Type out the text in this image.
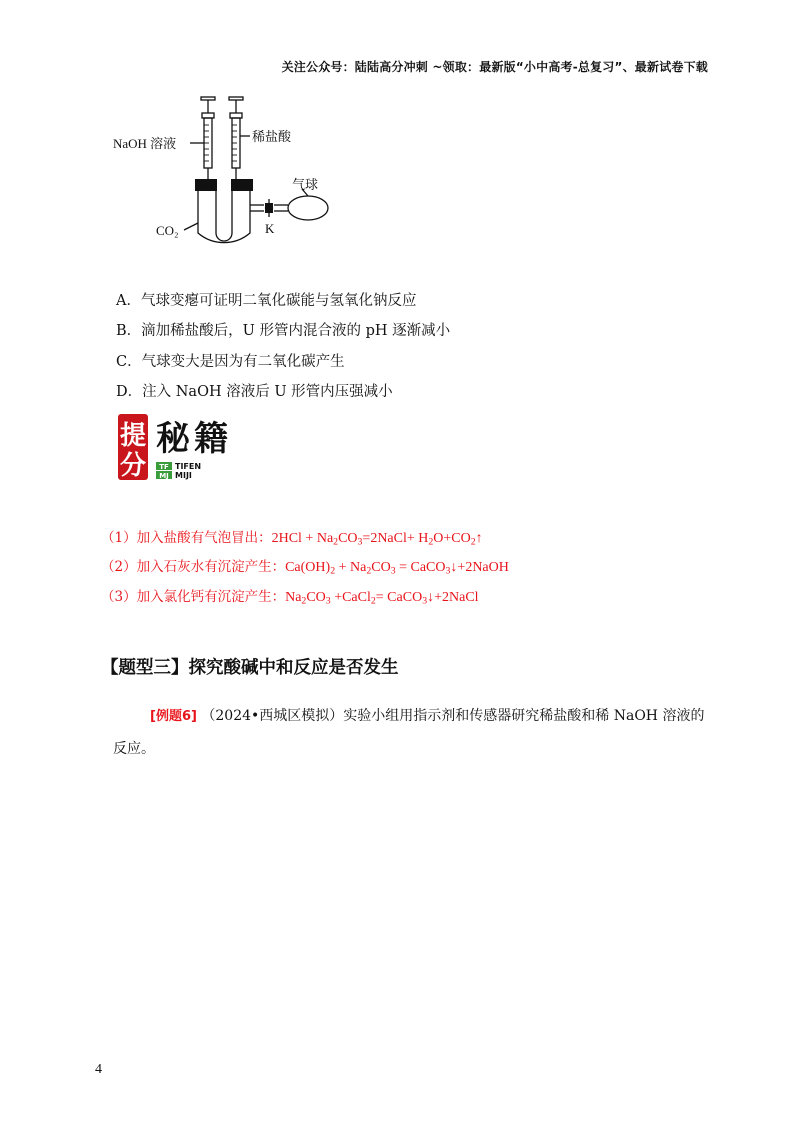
关注公众号：陆陆高分冲刺 ~领取：最新版“小中高考-总复习”、最新试卷下载
NaOH 溶液	稀盐酸
气球
CO₂	K
A．气球变瘪可证明二氧化碳能与氢氧化钠反应
B．滴加稀盐酸后，U 形管内混合液的 pH 逐渐减小
C．气球变大是因为有二氧化碳产生
D．注入 NaOH 溶液后 U 形管内压强减小
提
分
秘 籍
TF
MJ
TIFEN
MIJI
（1）加入盐酸有气泡冒出：$2HCl + Na_2CO_3=2NaCl+$ $H_2O+CO_2↑$
（2）加入石灰水有沉淀产生：$Ca(OH)_2 + Na_2CO_3$ = CaCO$_3$↓+2NaOH
（3）加入氯化钙有沉淀产生：$Na_2CO_3$ +CaCl$_2$= CaCO$_3$↓+2NaCl
【题型三】探究酸碱中和反应是否发生
[例题6] （2024•西城区模拟）实验小组用指示剂和传感器研究稀盐酸和稀 NaOH 溶液的
反应。
4
